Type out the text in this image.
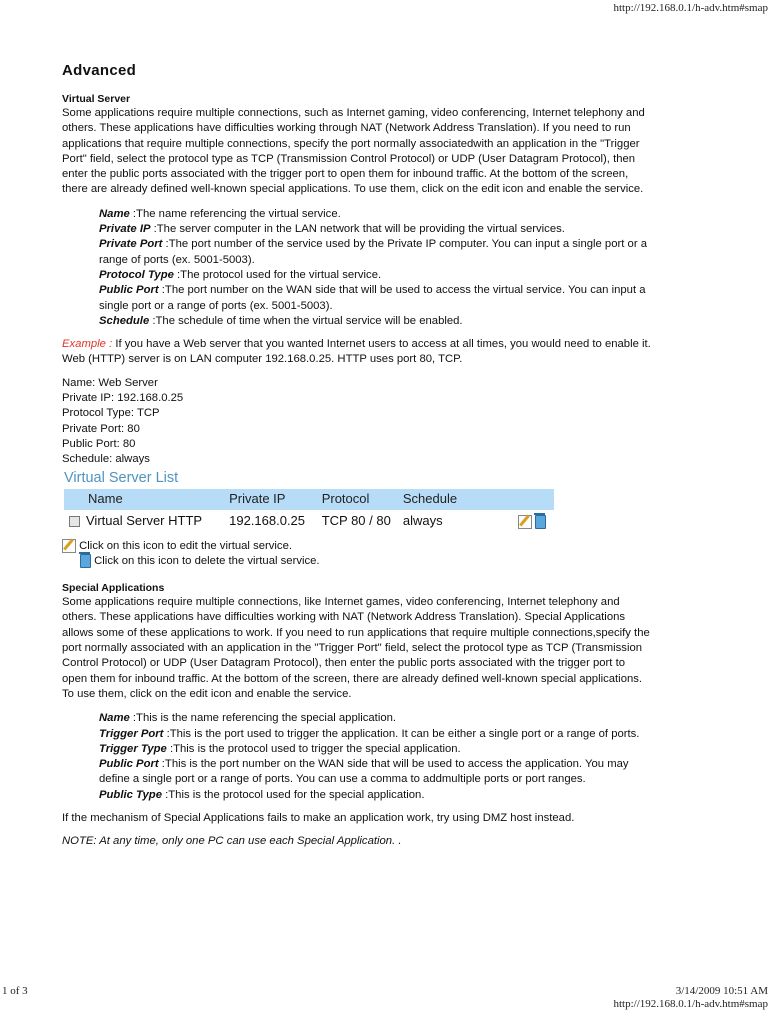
http://192.168.0.1/h-adv.htm#smap
Advanced
Virtual Server

Some applications require multiple connections, such as Internet gaming, video conferencing, Internet telephony and others. These applications have difficulties working through NAT (Network Address Translation). If you need to run applications that require multiple connections, specify the port normally associatedwith an application in the "Trigger Port" field, select the protocol type as TCP (Transmission Control Protocol) or UDP (User Datagram Protocol), then enter the public ports associated with the trigger port to open them for inbound traffic. At the bottom of the screen, there are already defined well-known special applications. To use them, click on the edit icon and enable the service.

Name :The name referencing the virtual service.
Private IP :The server computer in the LAN network that will be providing the virtual services.
Private Port :The port number of the service used by the Private IP computer. You can input a single port or a range of ports (ex. 5001-5003).
Protocol Type :The protocol used for the virtual service.
Public Port :The port number on the WAN side that will be used to access the virtual service. You can input a single port or a range of ports (ex. 5001-5003).
Schedule :The schedule of time when the virtual service will be enabled.

Example : If you have a Web server that you wanted Internet users to access at all times, you would need to enable it. Web (HTTP) server is on LAN computer 192.168.0.25. HTTP uses port 80, TCP.

Name: Web Server
Private IP: 192.168.0.25
Protocol Type: TCP
Private Port: 80
Public Port: 80
Schedule: always
Virtual Server List
Name	Private IP	Protocol	Schedule	
Virtual Server HTTP	192.168.0.25	TCP 80 / 80	always	
Click on this icon to edit the virtual service.
Click on this icon to delete the virtual service.
Special Applications

Some applications require multiple connections, like Internet games, video conferencing, Internet telephony and others. These applications have difficulties working with NAT (Network Address Translation). Special Applications allows some of these applications to work. If you need to run applications that require multiple connections,specify the port normally associated with an application in the "Trigger Port" field, select the protocol type as TCP (Transmission Control Protocol) or UDP (User Datagram Protocol), then enter the public ports associated with the trigger port to open them for inbound traffic. At the bottom of the screen, there are already defined well-known special applications. To use them, click on the edit icon and enable the service.

Name :This is the name referencing the special application.
Trigger Port :This is the port used to trigger the application. It can be either a single port or a range of ports.
Trigger Type :This is the protocol used to trigger the special application.
Public Port :This is the port number on the WAN side that will be used to access the application. You may define a single port or a range of ports. You can use a comma to addmultiple ports or port ranges.
Public Type :This is the protocol used for the special application.

If the mechanism of Special Applications fails to make an application work, try using DMZ host instead.

NOTE: At any time, only one PC can use each Special Application. .

1 of 3	3/14/2009 10:51 AM
http://192.168.0.1/h-adv.htm#smap
